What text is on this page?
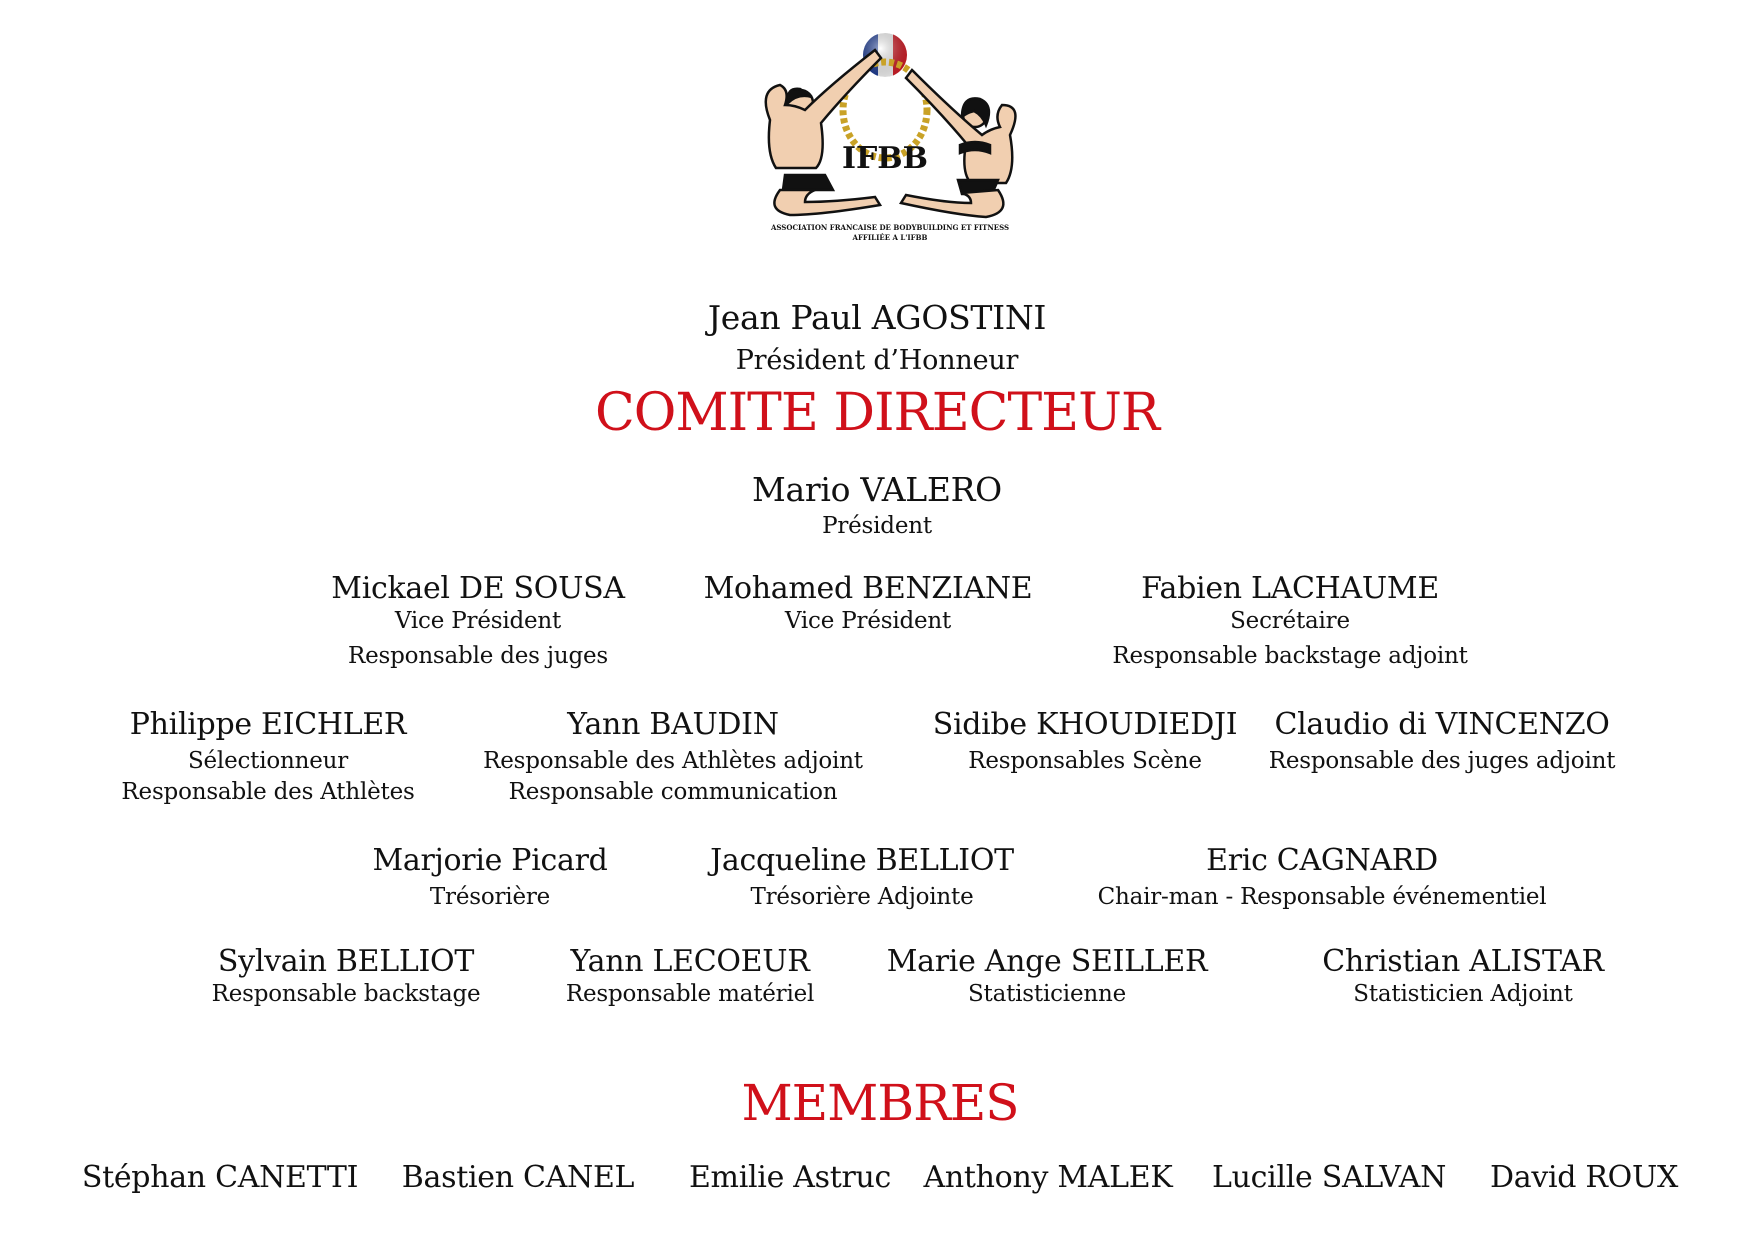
IFBB
ASSOCIATION FRANCAISE DE BODYBUILDING ET FITNESS
AFFILIÉE A L'IFBB
Jean Paul AGOSTINI
Président d’Honneur
COMITE DIRECTEUR
Mario VALERO
Président
Mickael DE SOUSA
Vice Président
Responsable des juges
Mohamed BENZIANE
Vice Président
Fabien LACHAUME
Secrétaire
Responsable backstage adjoint
Philippe EICHLER
Sélectionneur
Responsable des Athlètes
Yann BAUDIN
Responsable des Athlètes adjoint
Responsable communication
Sidibe KHOUDIEDJI
Responsables Scène
Claudio di VINCENZO
Responsable des juges adjoint
Marjorie Picard
Trésorière
Jacqueline BELLIOT
Trésorière Adjointe
Eric CAGNARD
Chair-man - Responsable événementiel
Sylvain BELLIOT
Responsable backstage
Yann LECOEUR
Responsable matériel
Marie Ange SEILLER
Statisticienne
Christian ALISTAR
Statisticien Adjoint
MEMBRES
Stéphan CANETTI Bastien CANEL Emilie Astruc Anthony MALEK Lucille SALVAN David ROUX
